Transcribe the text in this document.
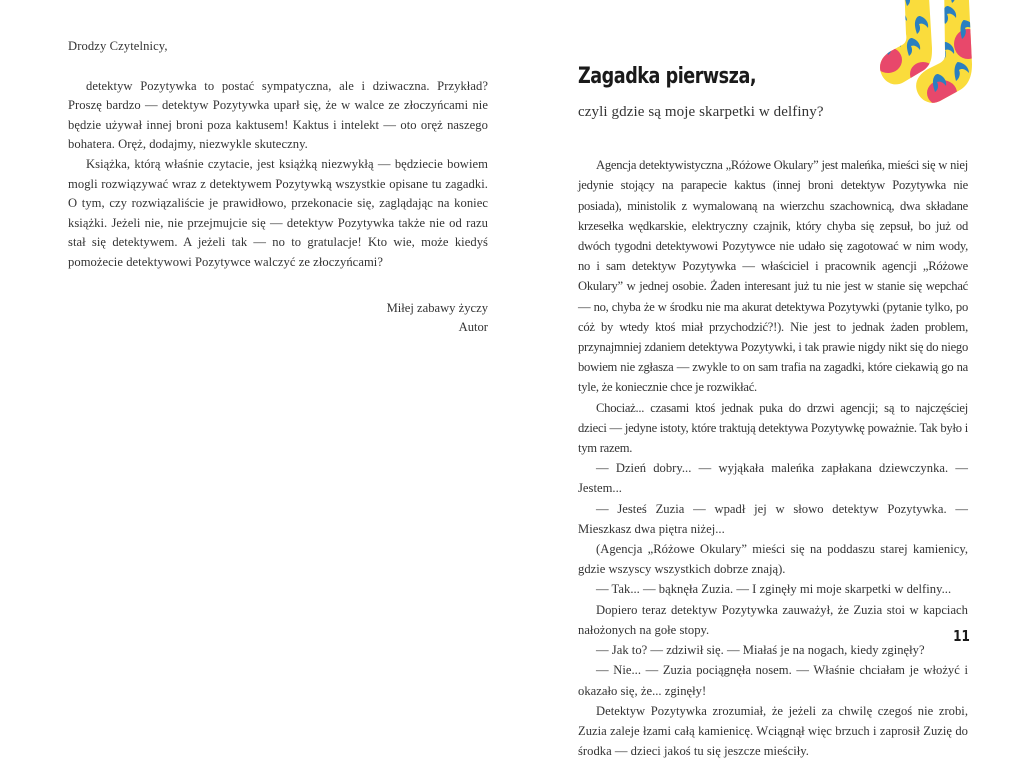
Drodzy Czytelnicy,

detektyw Pozytywka to postać sympatyczna, ale i dziwaczna. Przykład? Proszę bardzo — detektyw Pozytywka uparł się, że w walce ze złoczyńcami nie będzie używał innej broni poza kaktusem! Kaktus i intelekt — oto oręż naszego bohatera. Oręż, dodajmy, niezwykle skuteczny.

Książka, którą właśnie czytacie, jest książką niezwykłą — będziecie bowiem mogli rozwiązywać wraz z detektywem Pozytywką wszystkie opisane tu zagadki. O tym, czy rozwiązaliście je prawidłowo, przekonacie się, zaglądając na koniec książki. Jeżeli nie, nie przejmujcie się — detektyw Pozytywka także nie od razu stał się detektywem. A jeżeli tak — no to gratulacje! Kto wie, może kiedyś pomożecie detektywowi Pozytywce walczyć ze złoczyńcami?

Miłej zabawy życzy
Autor
Zagadka pierwsza,
czyli gdzie są moje skarpetki w delfiny?

Agencja detektywistyczna „Różowe Okulary” jest maleńka, mieści się w niej jedynie stojący na parapecie kaktus (innej broni detektyw Pozytywka nie posiada), ministolik z wymalowaną na wierzchu szachownicą, dwa składane krzesełka wędkarskie, elektryczny czajnik, który chyba się zepsuł, bo już od dwóch tygodni detektywowi Pozytywce nie udało się zagotować w nim wody, no i sam detektyw Pozytywka — właściciel i pracownik agencji „Różowe Okulary” w jednej osobie. Żaden interesant już tu nie jest w stanie się wepchać — no, chyba że w środku nie ma akurat detektywa Pozytywki (pytanie tylko, po cóż by wtedy ktoś miał przychodzić?!). Nie jest to jednak żaden problem, przynajmniej zdaniem detektywa Pozytywki, i tak prawie nigdy nikt się do niego bowiem nie zgłasza — zwykle to on sam trafia na zagadki, które ciekawią go na tyle, że koniecznie chce je rozwikłać.

Chociaż... czasami ktoś jednak puka do drzwi agencji; są to najczęściej dzieci — jedyne istoty, które traktują detektywa Pozytywkę poważnie. Tak było i tym razem.

— Dzień dobry... — wyjąkała maleńka zapłakana dziewczynka. — Jestem...

— Jesteś Zuzia — wpadł jej w słowo detektyw Pozytywka. — Mieszkasz dwa piętra niżej...

(Agencja „Różowe Okulary” mieści się na poddaszu starej kamienicy, gdzie wszyscy wszystkich dobrze znają).

— Tak... — bąknęła Zuzia. — I zginęły mi moje skarpetki w delfiny...

Dopiero teraz detektyw Pozytywka zauważył, że Zuzia stoi w kapciach nałożonych na gołe stopy.

— Jak to? — zdziwił się. — Miałaś je na nogach, kiedy zginęły?

— Nie... — Zuzia pociągnęła nosem. — Właśnie chciałam je włożyć i okazało się, że... zginęły!

Detektyw Pozytywka zrozumiał, że jeżeli za chwilę czegoś nie zrobi, Zuzia zaleje łzami całą kamienicę. Wciągnął więc brzuch i zaprosił Zuzię do środka — dzieci jakoś tu się jeszcze mieściły.

11
